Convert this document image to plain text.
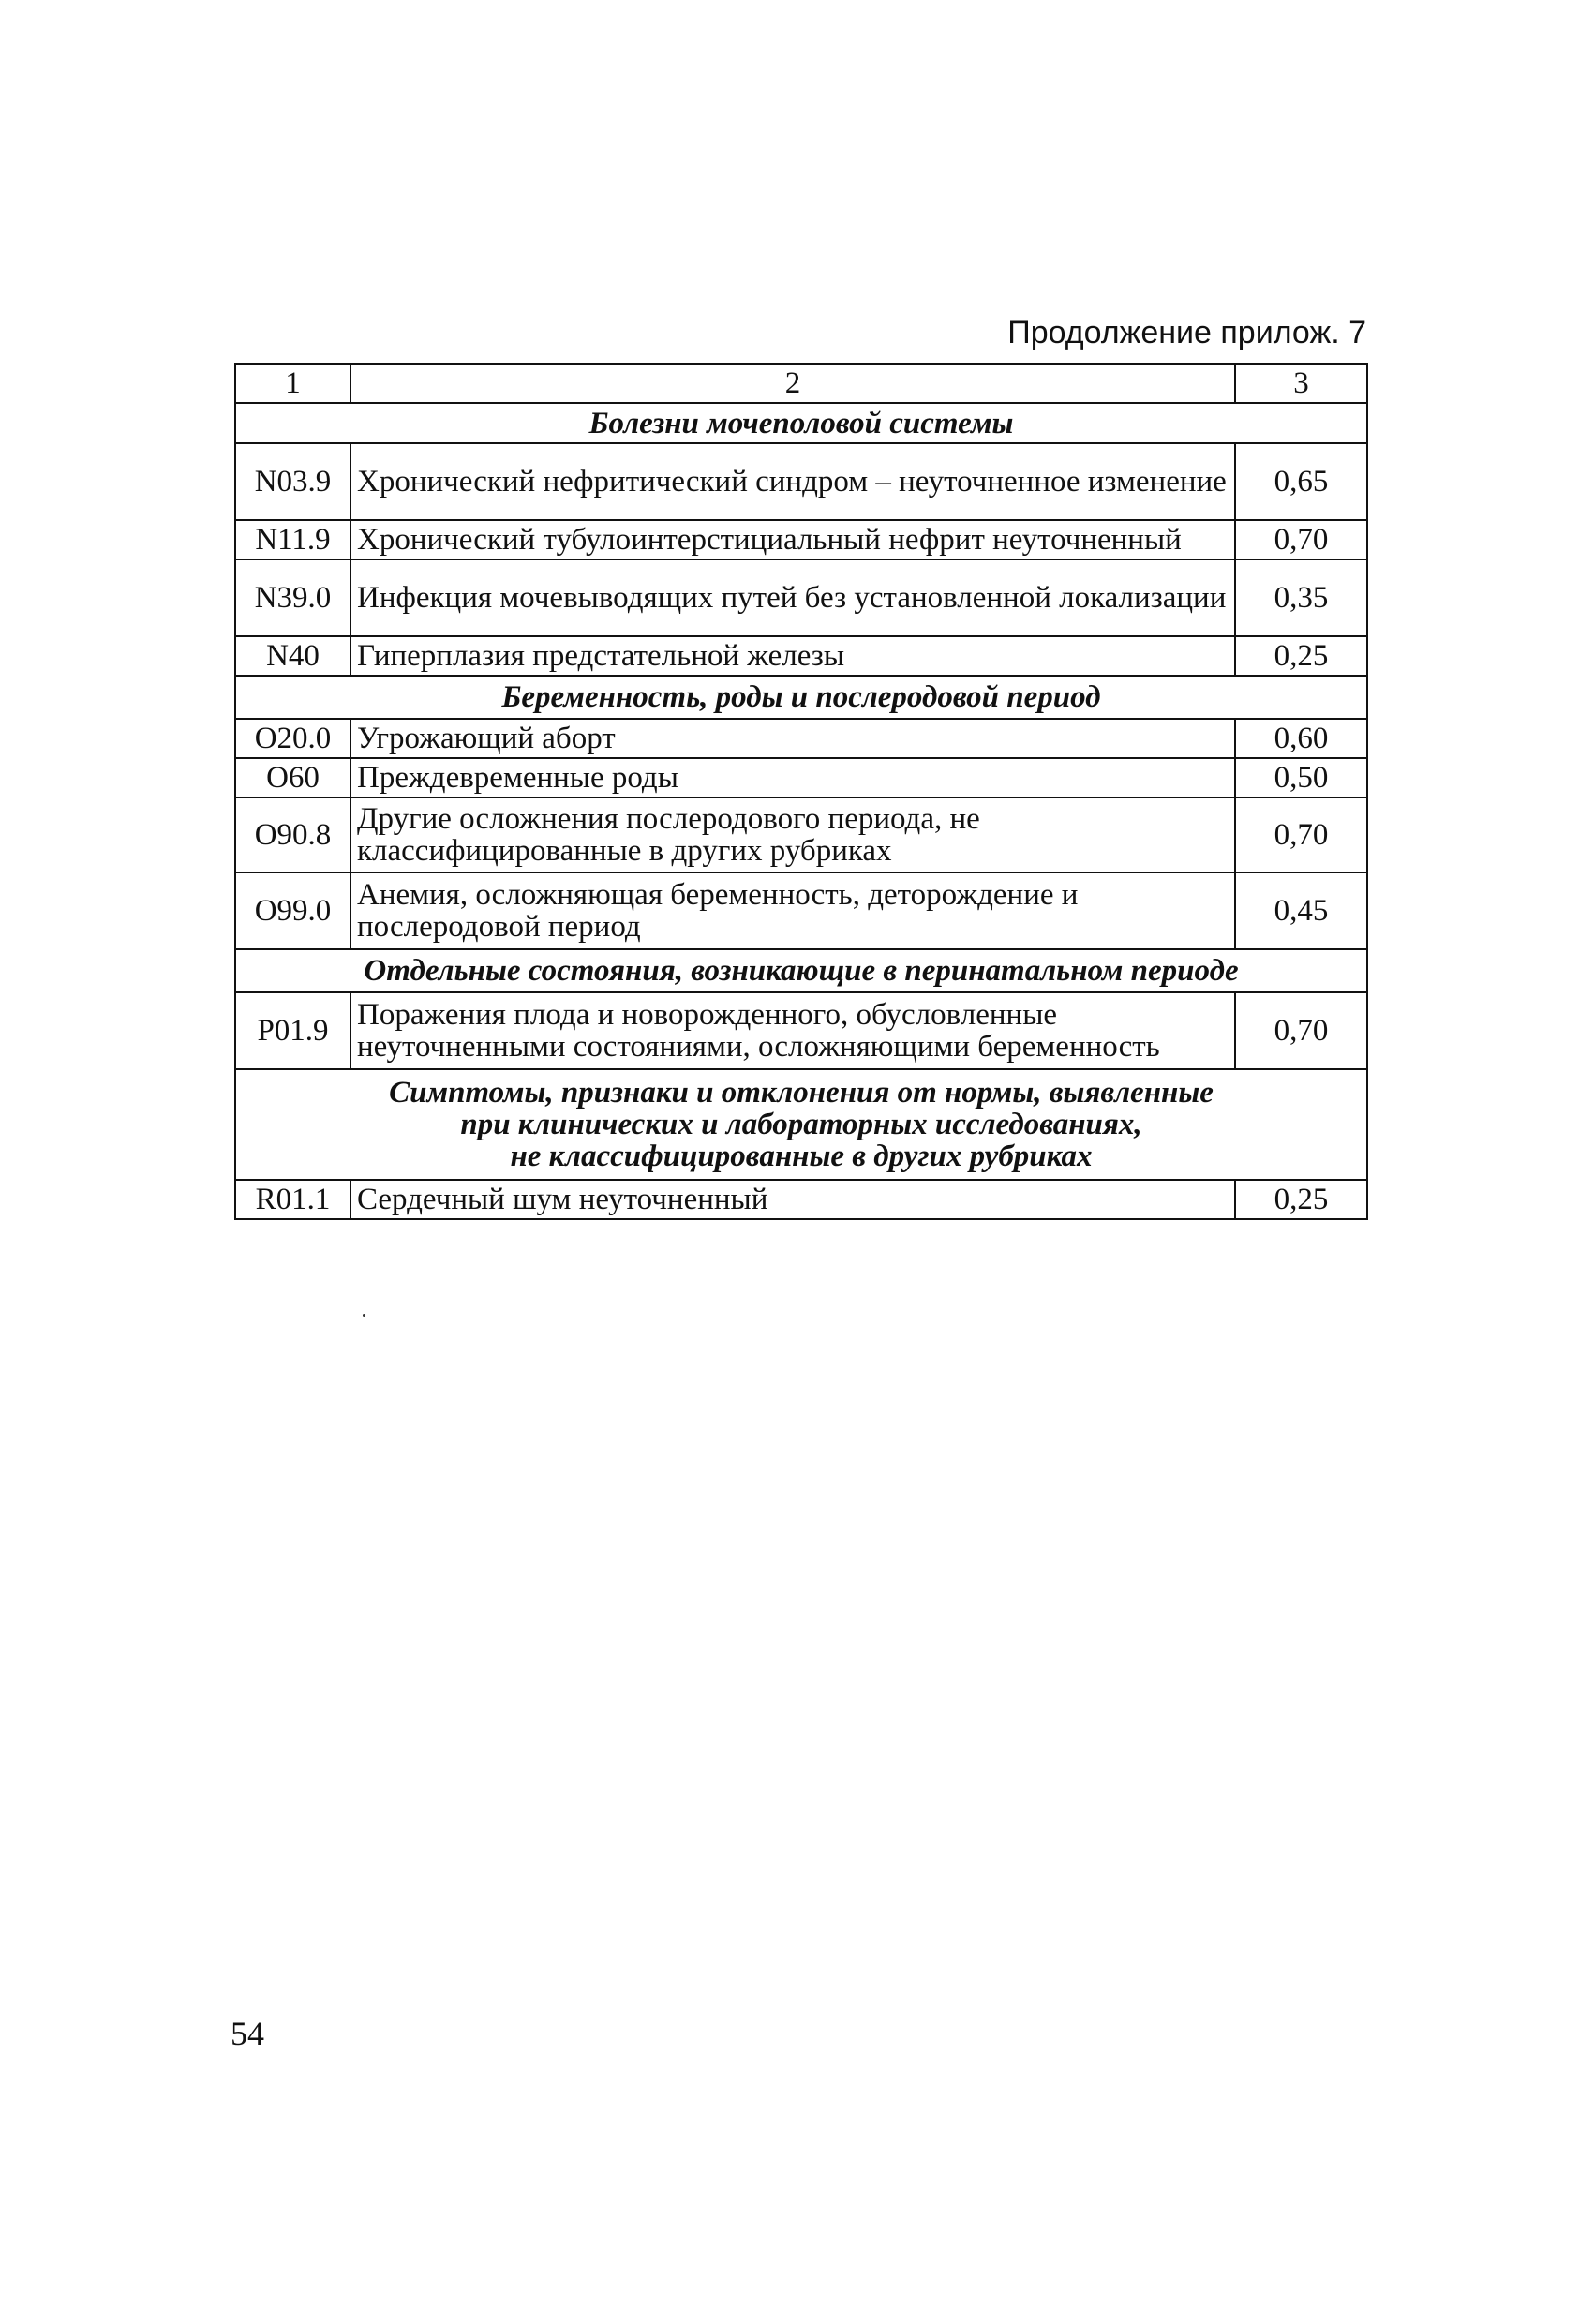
Продолжение прилож. 7
1	2	3

Болезни мочеполовой системы		

N03.9	Хронический нефритический синдром – неуточненное изменение	0,65
N11.9	Хронический тубулоинтерстициальный нефрит неуточненный	0,70
N39.0	Инфекция мочевыводящих путей без установленной локализации	0,35
N40	Гиперплазия предстательной железы	0,25

Беременность, роды и послеродовой период		

O20.0	Угрожающий аборт	0,60
O60	Преждевременные роды	0,50
O90.8	Другие осложнения послеродового периода, не классифицированные в других рубриках	0,70
O99.0	Анемия, осложняющая беременность, деторождение и послеродовой период	0,45

Отдельные состояния, возникающие в перинатальном периоде		

P01.9	Поражения плода и новорожденного, обусловленные неуточненными состояниями, осложняющими беременность	0,70

Симптомы, признаки и отклонения от нормы, выявленные
при клинических и лабораторных исследованиях,
не классифицированные в других рубриках		

R01.1	Сердечный шум неуточненный	0,25
54
